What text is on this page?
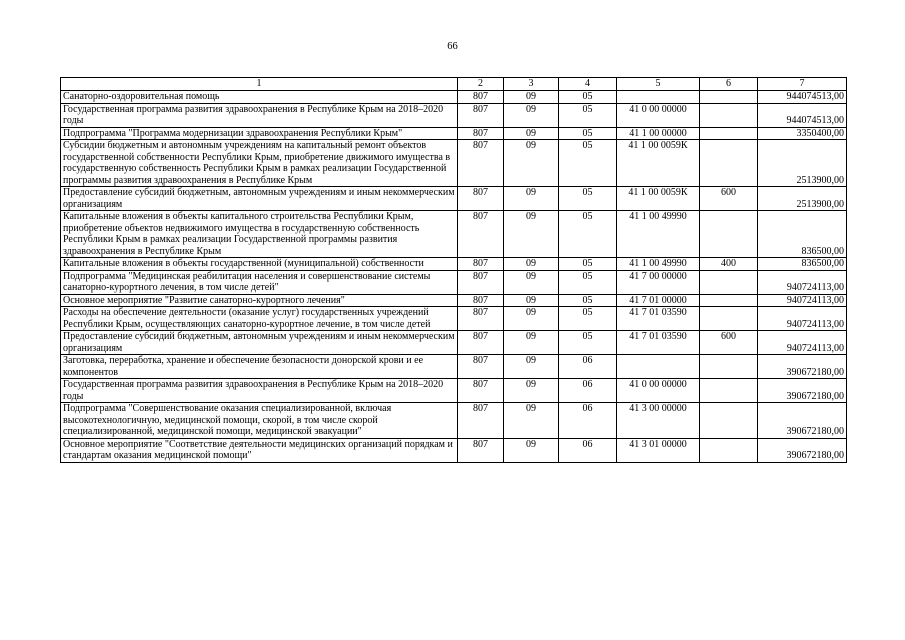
66
1	2	3	4	5	6	7
Санаторно-оздоровительная помощь	807	09	05			944074513,00
Государственная программа развития здравоохранения в Республике Крым на 2018–2020 годы	807	09	05	41 0 00 00000		944074513,00
Подпрограмма "Программа модернизации здравоохранения Республики Крым"	807	09	05	41 1 00 00000		3350400,00
Субсидии бюджетным и автономным учреждениям на капитальный ремонт объектов государственной собственности Республики Крым, приобретение движимого имущества в государственную собственность Республики Крым в рамках реализации Государственной программы развития здравоохранения в Республике Крым	807	09	05	41 1 00 0059К		2513900,00
Предоставление субсидий бюджетным, автономным учреждениям и иным некоммерческим организациям	807	09	05	41 1 00 0059К	600	2513900,00
Капитальные вложения в объекты капитального строительства Республики Крым, приобретение объектов недвижимого имущества в государственную собственность Республики Крым в рамках реализации Государственной программы развития здравоохранения в Республике Крым	807	09	05	41 1 00 49990		836500,00
Капитальные вложения в объекты государственной (муниципальной) собственности	807	09	05	41 1 00 49990	400	836500,00
Подпрограмма "Медицинская реабилитация населения и совершенствование системы санаторно-курортного лечения, в том числе детей"	807	09	05	41 7 00 00000		940724113,00
Основное мероприятие "Развитие санаторно-курортного лечения"	807	09	05	41 7 01 00000		940724113,00
Расходы на обеспечение деятельности (оказание услуг) государственных учреждений Республики Крым, осуществляющих санаторно-курортное лечение, в том числе детей	807	09	05	41 7 01 03590		940724113,00
Предоставление субсидий бюджетным, автономным учреждениям и иным некоммерческим организациям	807	09	05	41 7 01 03590	600	940724113,00
Заготовка, переработка, хранение и обеспечение безопасности донорской крови и ее компонентов	807	09	06			390672180,00
Государственная программа развития здравоохранения в Республике Крым на 2018–2020 годы	807	09	06	41 0 00 00000		390672180,00
Подпрограмма "Совершенствование оказания специализированной, включая высокотехнологичную, медицинской помощи, скорой, в том числе скорой специализированной, медицинской помощи, медицинской эвакуации"	807	09	06	41 3 00 00000		390672180,00
Основное мероприятие "Соответствие деятельности медицинских организаций порядкам и стандартам оказания медицинской помощи"	807	09	06	41 3 01 00000		390672180,00
